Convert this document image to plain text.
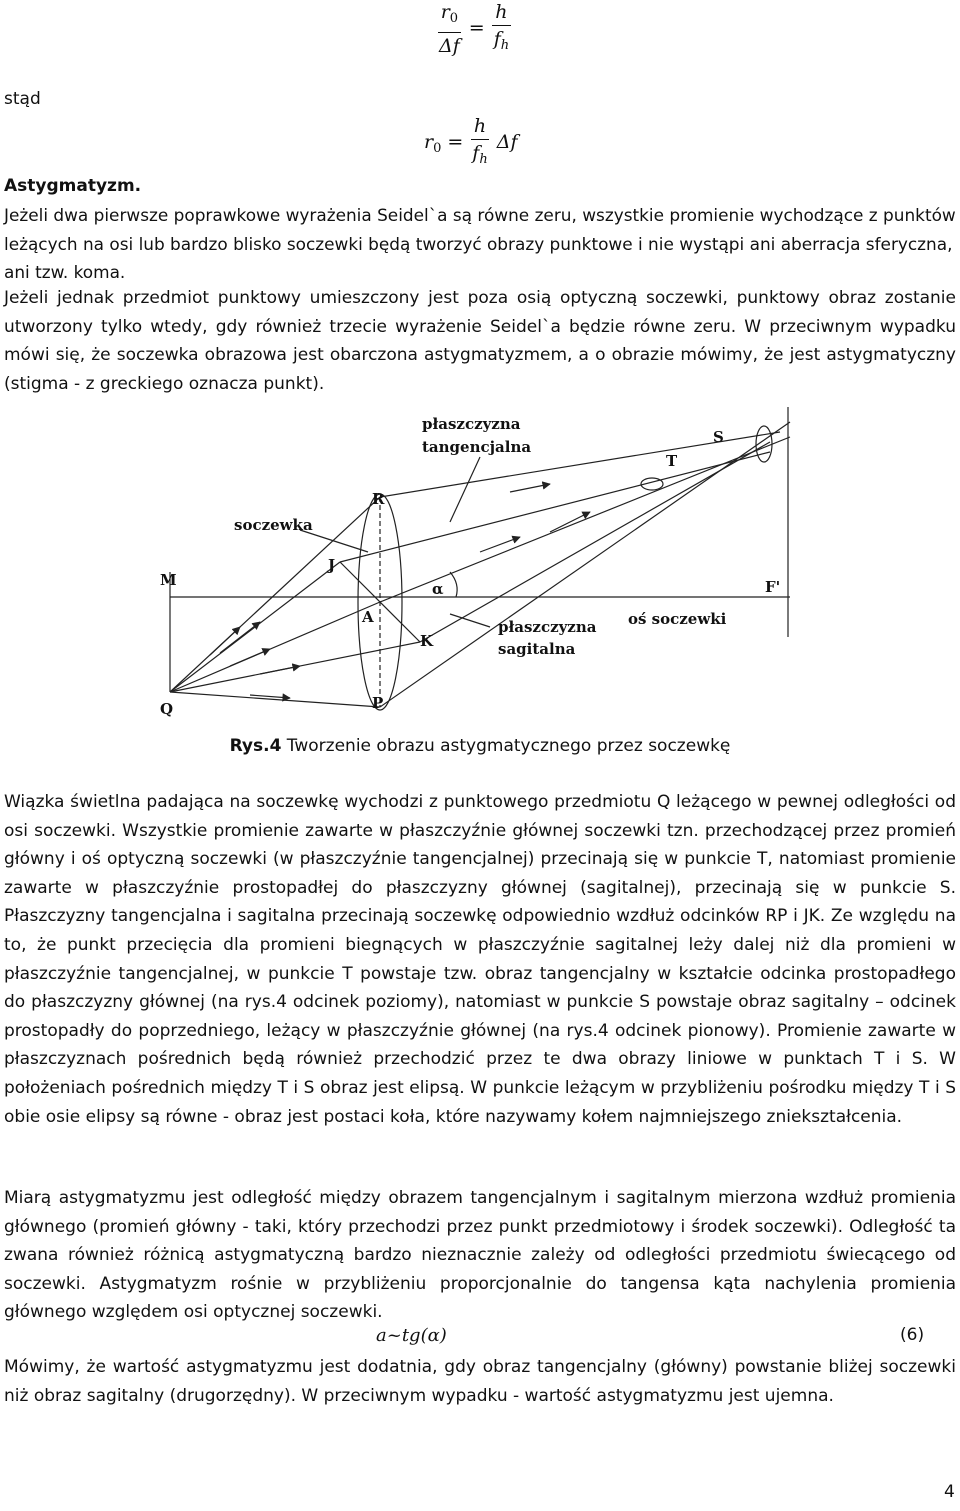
$\frac{r_0}{\Delta f} = \frac{h}{f_h}$
stąd
$r_0 = \frac{h}{f_h}$ Δf
Astygmatyzm.

Jeżeli dwa pierwsze poprawkowe wyrażenia Seidel`a są równe zeru, wszystkie promienie wychodzące z punktów leżących na osi lub bardzo blisko soczewki będą tworzyć obrazy punktowe i nie wystąpi ani aberracja sferyczna, ani tzw. koma.

Jeżeli jednak przedmiot punktowy umieszczony jest poza osią optyczną soczewki, punktowy obraz zostanie utworzony tylko wtedy, gdy również trzecie wyrażenie Seidel`a będzie równe zeru. W przeciwnym wypadku mówi się, że soczewka obrazowa jest obarczona astygmatyzmem, a o obrazie mówimy, że jest astygmatyczny (stigma - z greckiego oznacza punkt).

płaszczyzna
tangencjalna
soczewka
płaszczyzna
sagitalna
oś soczewki
α
R
J
A
K
P
M
Q
T
S
F'
Rys.4 Tworzenie obrazu astygmatycznego przez soczewkę

Wiązka świetlna padająca na soczewkę wychodzi z punktowego przedmiotu Q leżącego w pewnej odległości od osi soczewki. Wszystkie promienie zawarte w płaszczyźnie głównej soczewki tzn. przechodzącej przez promień główny i oś optyczną soczewki (w płaszczyźnie tangencjalnej) przecinają się w punkcie T, natomiast promienie zawarte w płaszczyźnie prostopadłej do płaszczyzny głównej (sagitalnej), przecinają się w punkcie S. Płaszczyzny tangencjalna i sagitalna przecinają soczewkę odpowiednio wzdłuż odcinków RP i JK. Ze względu na to, że punkt przecięcia dla promieni biegnących w płaszczyźnie sagitalnej leży dalej niż dla promieni w płaszczyźnie tangencjalnej, w punkcie T powstaje tzw. obraz tangencjalny w kształcie odcinka prostopadłego do płaszczyzny głównej (na rys.4 odcinek poziomy), natomiast w punkcie S powstaje obraz sagitalny – odcinek prostopadły do poprzedniego, leżący w płaszczyźnie głównej (na rys.4 odcinek pionowy). Promienie zawarte w płaszczyznach pośrednich będą również przechodzić przez te dwa obrazy liniowe w punktach T i S. W położeniach pośrednich między T i S obraz jest elipsą. W punkcie leżącym w przybliżeniu pośrodku między T i S obie osie elipsy są równe - obraz jest postaci koła, które nazywamy kołem najmniejszego zniekształcenia.

Miarą astygmatyzmu jest odległość między obrazem tangencjalnym i sagitalnym mierzona wzdłuż promienia głównego (promień główny - taki, który przechodzi przez punkt przedmiotowy i środek soczewki). Odległość ta zwana również różnicą astygmatyczną bardzo nieznacznie zależy od odległości przedmiotu świecącego od soczewki. Astygmatyzm rośnie w przybliżeniu proporcjonalnie do tangensa kąta nachylenia promienia głównego względem osi optycznej soczewki.

a~tg(α)	(6)

Mówimy, że wartość astygmatyzmu jest dodatnia, gdy obraz tangencjalny (główny) powstanie bliżej soczewki niż obraz sagitalny (drugorzędny). W przeciwnym wypadku - wartość astygmatyzmu jest ujemna.

4
